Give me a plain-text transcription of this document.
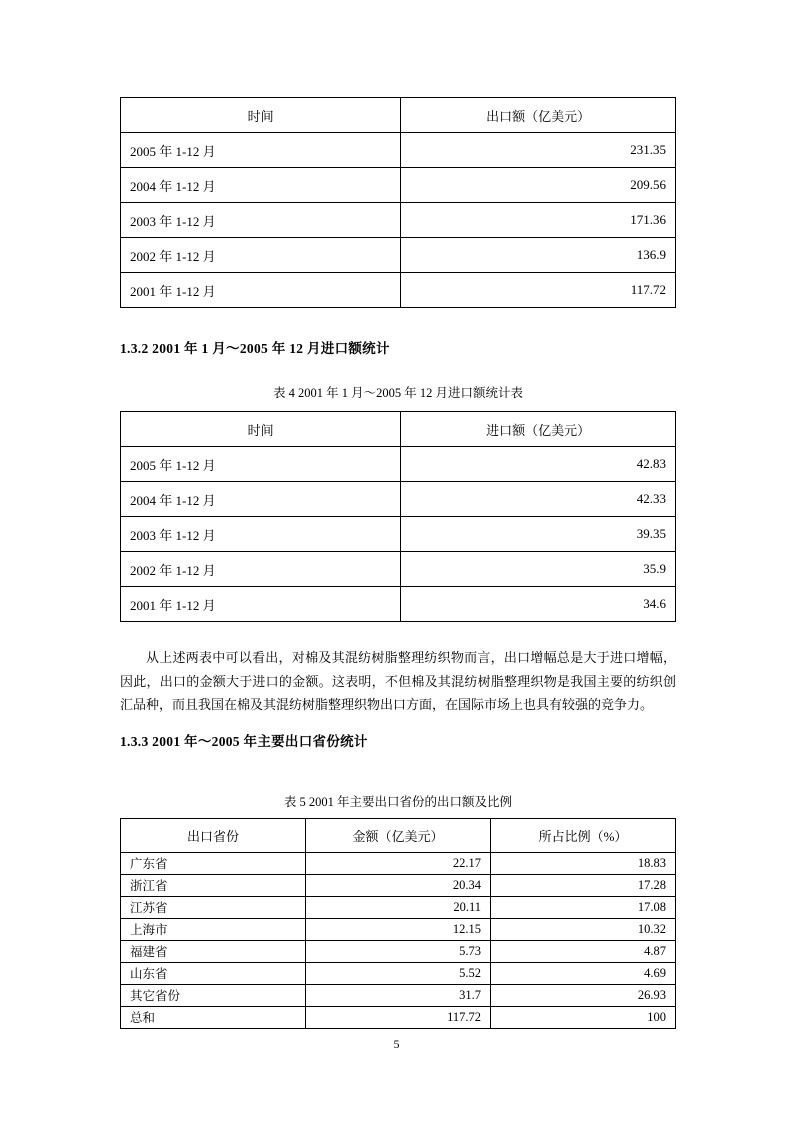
时间	出口额（亿美元）
2005 年 1-12 月	231.35
2004 年 1-12 月	209.56
2003 年 1-12 月	171.36
2002 年 1-12 月	136.9
2001 年 1-12 月	117.72
1.3.2 2001 年 1 月～2005 年 12 月进口额统计
表 4 2001 年 1 月～2005 年 12 月进口额统计表
时间	进口额（亿美元）
2005 年 1-12 月	42.83
2004 年 1-12 月	42.33
2003 年 1-12 月	39.35
2002 年 1-12 月	35.9
2001 年 1-12 月	34.6

从上述两表中可以看出，对棉及其混纺树脂整理纺织物而言，出口增幅总是大于进口增幅，因此，出口的金额大于进口的金额。这表明，不但棉及其混纺树脂整理织物是我国主要的纺织创汇品种，而且我国在棉及其混纺树脂整理织物出口方面，在国际市场上也具有较强的竞争力。

1.3.3 2001 年～2005 年主要出口省份统计
表 5 2001 年主要出口省份的出口额及比例
出口省份	金额（亿美元）	所占比例（%）
广东省	22.17	18.83
浙江省	20.34	17.28
江苏省	20.11	17.08
上海市	12.15	10.32
福建省	5.73	4.87
山东省	5.52	4.69
其它省份	31.7	26.93
总和	117.72	100
5
